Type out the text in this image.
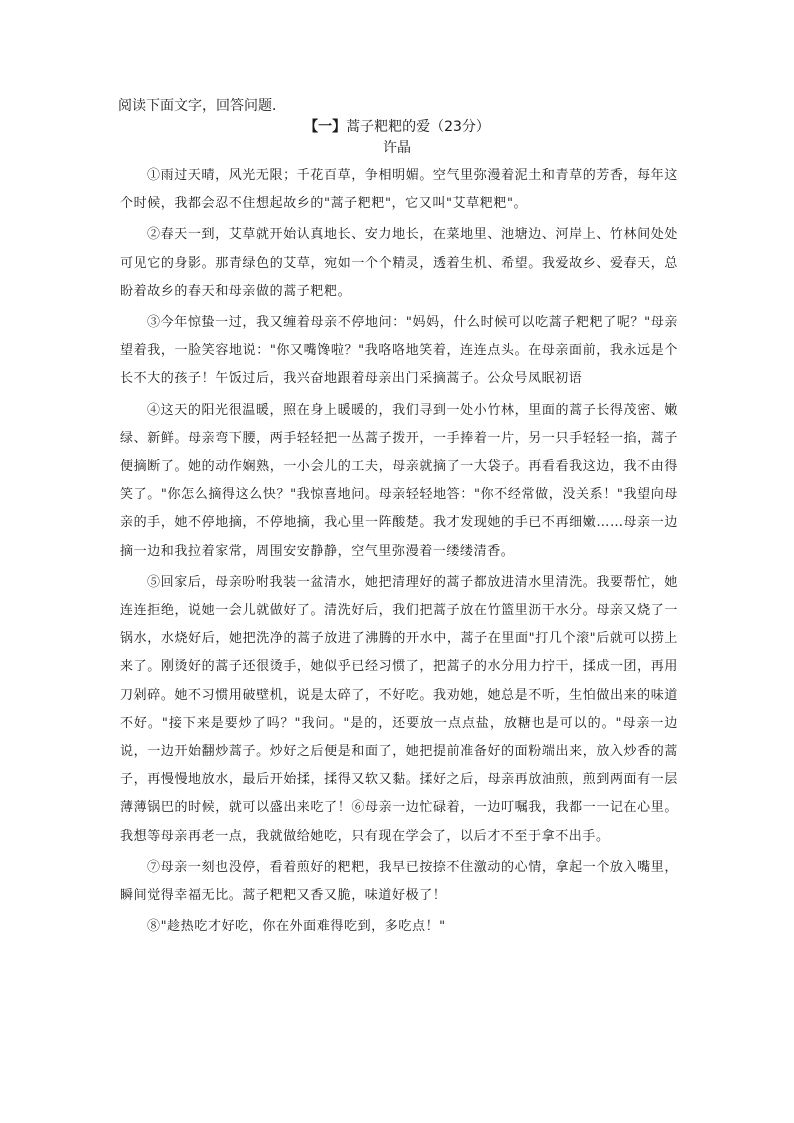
阅读下面文字，回答问题．
【一】蒿子粑粑的爱（23分）
许晶

①雨过天晴，风光无限；千花百草，争相明媚。空气里弥漫着泥土和青草的芳香，每年这个时候，我都会忍不住想起故乡的"蒿子粑粑"，它又叫"艾草粑粑"。

②春天一到，艾草就开始认真地长、安力地长，在菜地里、池塘边、河岸上、竹林间处处可见它的身影。那青绿色的艾草，宛如一个个精灵，透着生机、希望。我爱故乡、爱春天，总盼着故乡的春天和母亲做的蒿子粑粑。

③今年惊蛰一过，我又缠着母亲不停地问："妈妈，什么时候可以吃蒿子粑粑了呢？"母亲望着我，一脸笑容地说："你又嘴馋啦？"我咯咯地笑着，连连点头。在母亲面前，我永远是个长不大的孩子！午饭过后，我兴奋地跟着母亲出门采摘蒿子。公众号凤眠初语

④这天的阳光很温暖，照在身上暖暖的，我们寻到一处小竹林，里面的蒿子长得茂密、嫩绿、新鲜。母亲弯下腰，两手轻轻把一丛蒿子拨开，一手捧着一片，另一只手轻轻一掐，蒿子便摘断了。她的动作娴熟，一小会儿的工夫，母亲就摘了一大袋子。再看看我这边，我不由得笑了。"你怎么摘得这么快？"我惊喜地问。母亲轻轻地答："你不经常做，没关系！"我望向母亲的手，她不停地摘，不停地摘，我心里一阵酸楚。我才发现她的手已不再细嫩……母亲一边摘一边和我拉着家常，周围安安静静，空气里弥漫着一缕缕清香。

⑤回家后，母亲吩咐我装一盆清水，她把清理好的蒿子都放进清水里清洗。我要帮忙，她连连拒绝，说她一会儿就做好了。清洗好后，我们把蒿子放在竹篮里沥干水分。母亲又烧了一锅水，水烧好后，她把洗净的蒿子放进了沸腾的开水中，蒿子在里面"打几个滚"后就可以捞上来了。刚烫好的蒿子还很烫手，她似乎已经习惯了，把蒿子的水分用力拧干，揉成一团，再用刀剁碎。她不习惯用破壁机，说是太碎了，不好吃。我劝她，她总是不听，生怕做出来的味道不好。"接下来是要炒了吗？"我问。"是的，还要放一点点盐，放糖也是可以的。"母亲一边说，一边开始翻炒蒿子。炒好之后便是和面了，她把提前准备好的面粉端出来，放入炒香的蒿子，再慢慢地放水，最后开始揉，揉得又软又黏。揉好之后，母亲再放油煎，煎到两面有一层薄薄锅巴的时候，就可以盛出来吃了！⑥母亲一边忙碌着，一边叮嘱我，我都一一记在心里。我想等母亲再老一点，我就做给她吃，只有现在学会了，以后才不至于拿不出手。

⑦母亲一刻也没停，看着煎好的粑粑，我早已按捺不住激动的心情，拿起一个放入嘴里，瞬间觉得幸福无比。蒿子粑粑又香又脆，味道好极了！

⑧"趁热吃才好吃，你在外面难得吃到，多吃点！"
